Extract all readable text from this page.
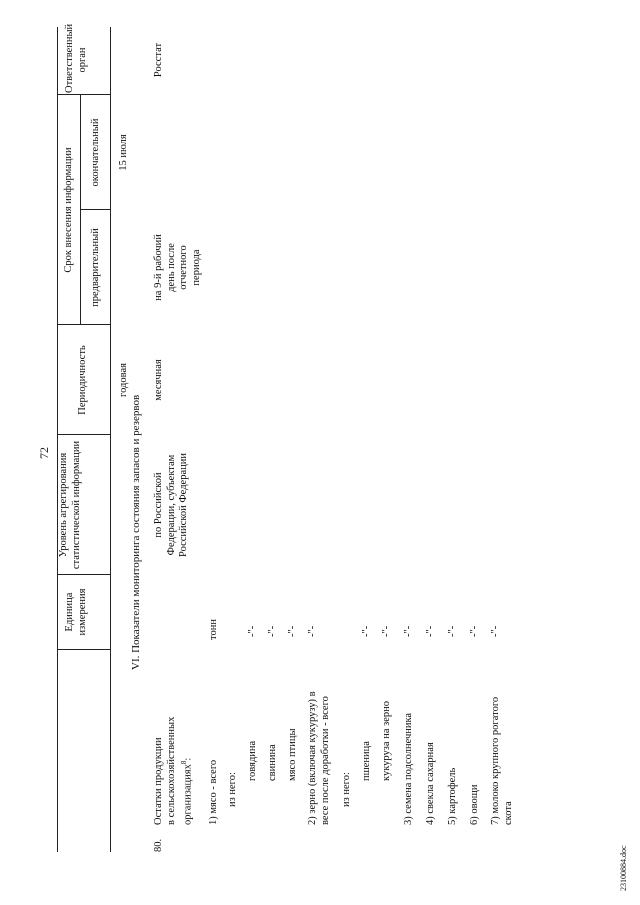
72
Единица измерения
Уровень агрегирования статистической информации
Периодичность
Срок внесения информации предварительный
окончательный
Ответственный орган
VI. Показатели мониторинга состояния запасов и резервов
80.
Остатки продукции в сельскохозяйственных организациях$^8$:
тонн
по Российской Федерации, субъектам Российской Федерации
годовая месячная
на 9-й рабочий день после отчетного периода
15 июля
Росстат
1) мясо - всего из него:
говядина свинина мясо птицы 2) зерно (включая кукурузу) в весе после доработки - всего из него:
пшеница кукуруза на зерно 3) семена подсолнечника 4) свекла сахарная 5) картофель 6) овощи 7) молоко крупного рогатого скота
-"- -"- -"- -"-	-"- -"- -"- -"- -"- -"- -"-
23100884.doc
